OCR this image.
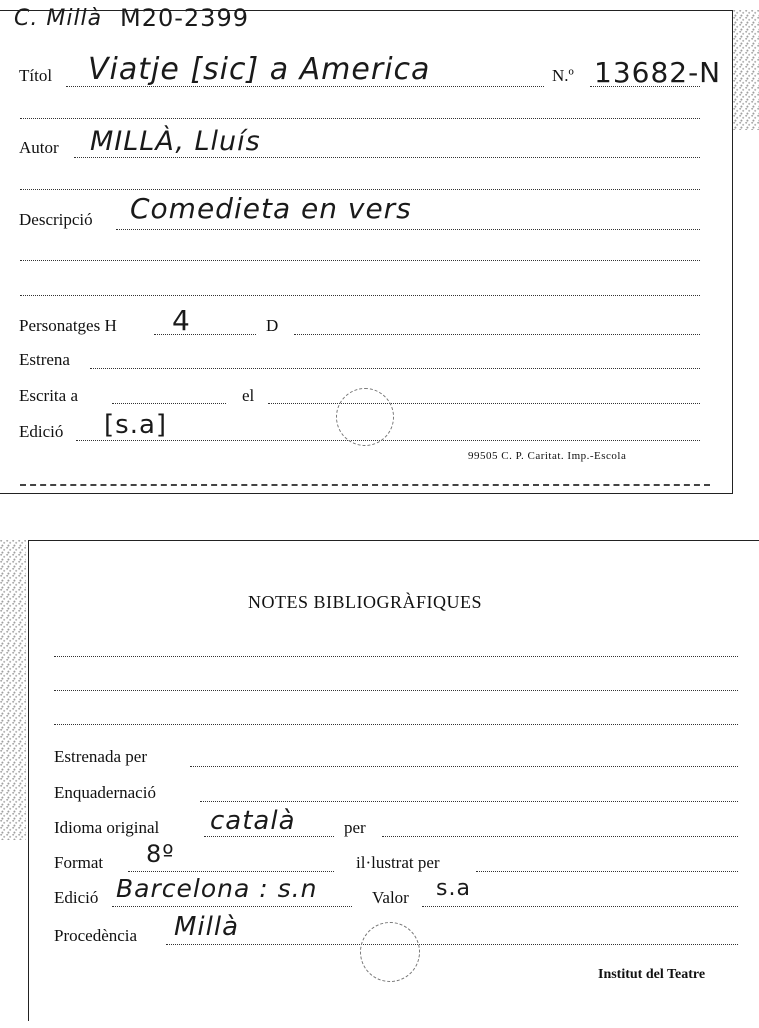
C. Millà M20-2399
Títol Viatje [sic] a America	N.º 13682-N
Autor MILLÀ, Lluís
Descripció Comedieta en vers
Personatges H 4	D
Estrena
Escrita a	el
Edició [s.a]
99505 C. P. Caritat. Imp.-Escola
NOTES BIBLIOGRÀFIQUES
Estrenada per
Enquadernació
Idioma original català	per
Format 8º	il·lustrat per
Edició Barcelona : s.n	Valor s.a
Procedència Millà
Institut del Teatre
